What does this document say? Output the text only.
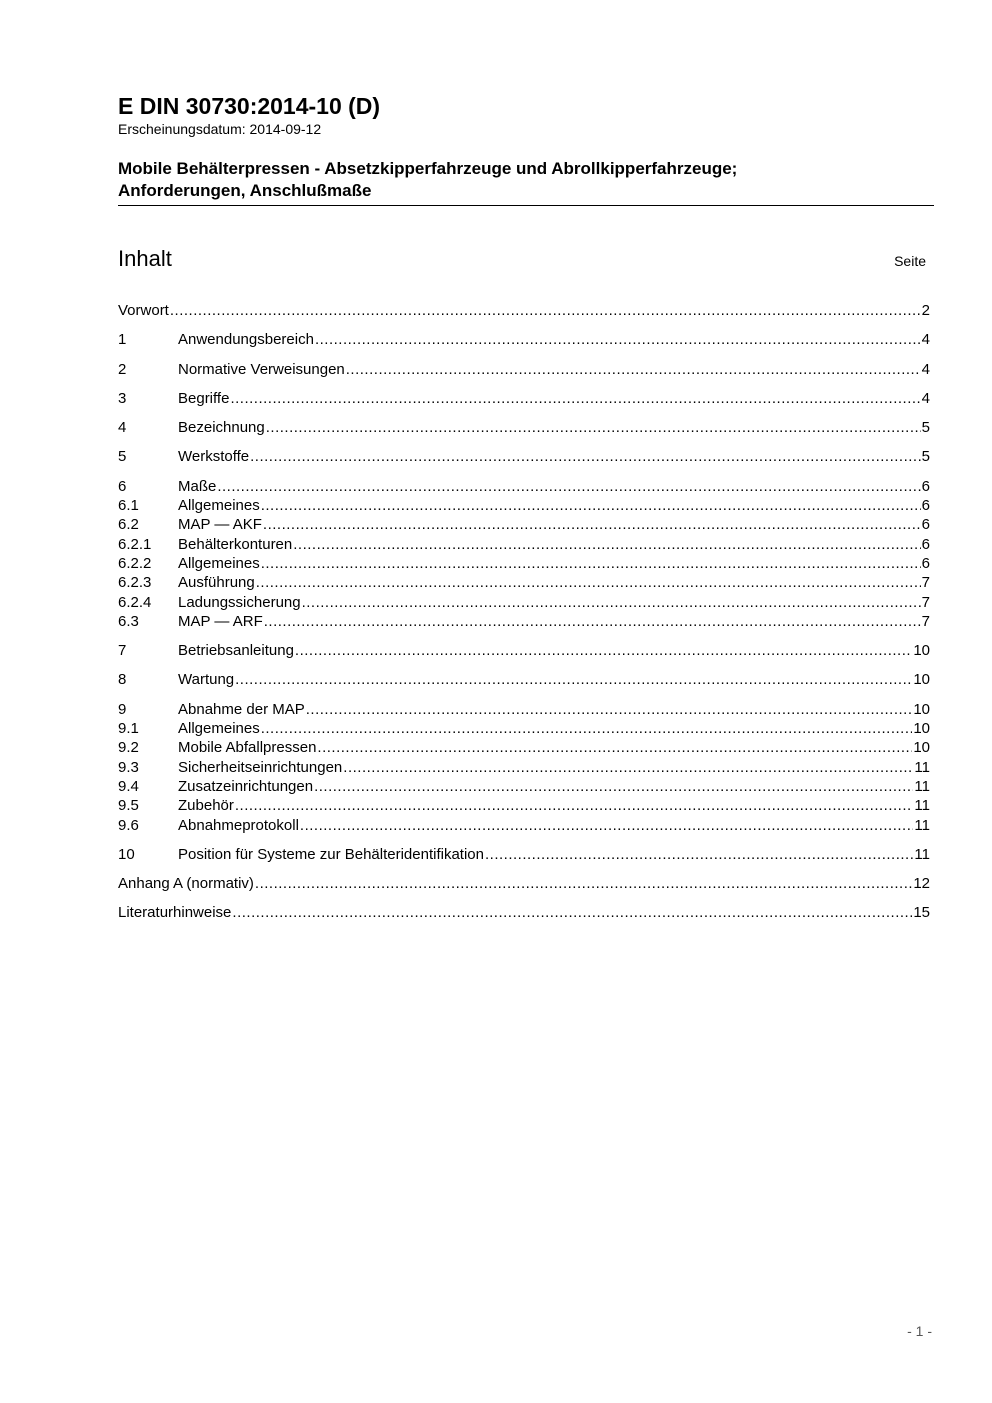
E DIN 30730:2014-10 (D)

Erscheinungsdatum: 2014-09-12

Mobile Behälterpressen - Absetzkipperfahrzeuge und Abrollkipperfahrzeuge;
Anforderungen, Anschlußmaße
Inhalt	Seite
Vorwort .....	2
1	Anwendungsbereich .....	4
2	Normative Verweisungen .....	4
3	Begriffe .....	4
4	Bezeichnung .....	5
5	Werkstoffe .....	5
6	Maße .....	6
6.1	Allgemeines .....	6
6.2	MAP — AKF .....	6
6.2.1	Behälterkonturen .....	6
6.2.2	Allgemeines .....	6
6.2.3	Ausführung .....	7
6.2.4	Ladungssicherung .....	7
6.3	MAP — ARF .....	7
7	Betriebsanleitung .....	10
8	Wartung .....	10
9	Abnahme der MAP .....	10
9.1	Allgemeines .....	10
9.2	Mobile Abfallpressen .....	10
9.3	Sicherheitseinrichtungen .....	11
9.4	Zusatzeinrichtungen .....	11
9.5	Zubehör .....	11
9.6	Abnahmeprotokoll .....	11
10	Position für Systeme zur Behälteridentifikation .....	11
Anhang A (normativ) .....	12
Literaturhinweise .....	15
- 1 -
